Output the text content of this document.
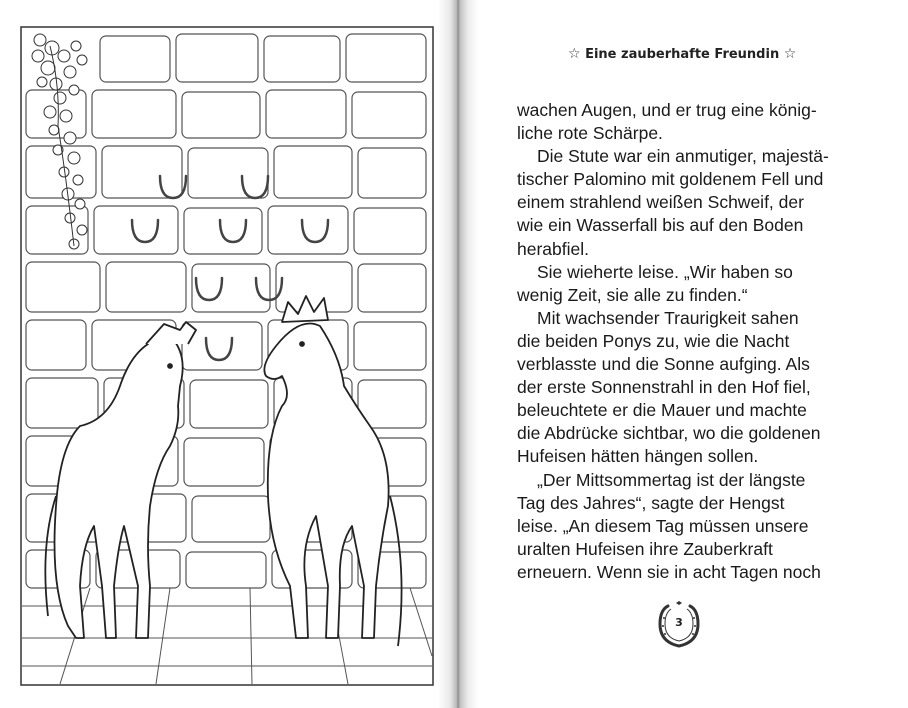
☆ Eine zauberhafte Freundin ☆
wachen Augen, und er trug eine könig-
liche rote Schärpe.
Die Stute war ein anmutiger, majestä-
tischer Palomino mit goldenem Fell und
einem strahlend weißen Schweif, der
wie ein Wasserfall bis auf den Boden
herabfiel.
Sie wieherte leise. „Wir haben so
wenig Zeit, sie alle zu finden.“
Mit wachsender Traurigkeit sahen
die beiden Ponys zu, wie die Nacht
verblasste und die Sonne aufging. Als
der erste Sonnenstrahl in den Hof fiel,
beleuchtete er die Mauer und machte
die Abdrücke sichtbar, wo die goldenen
Hufeisen hätten hängen sollen.
„Der Mittsommertag ist der längste
Tag des Jahres“, sagte der Hengst
leise. „An diesem Tag müssen unsere
uralten Hufeisen ihre Zauberkraft
erneuern. Wenn sie in acht Tagen noch
3
